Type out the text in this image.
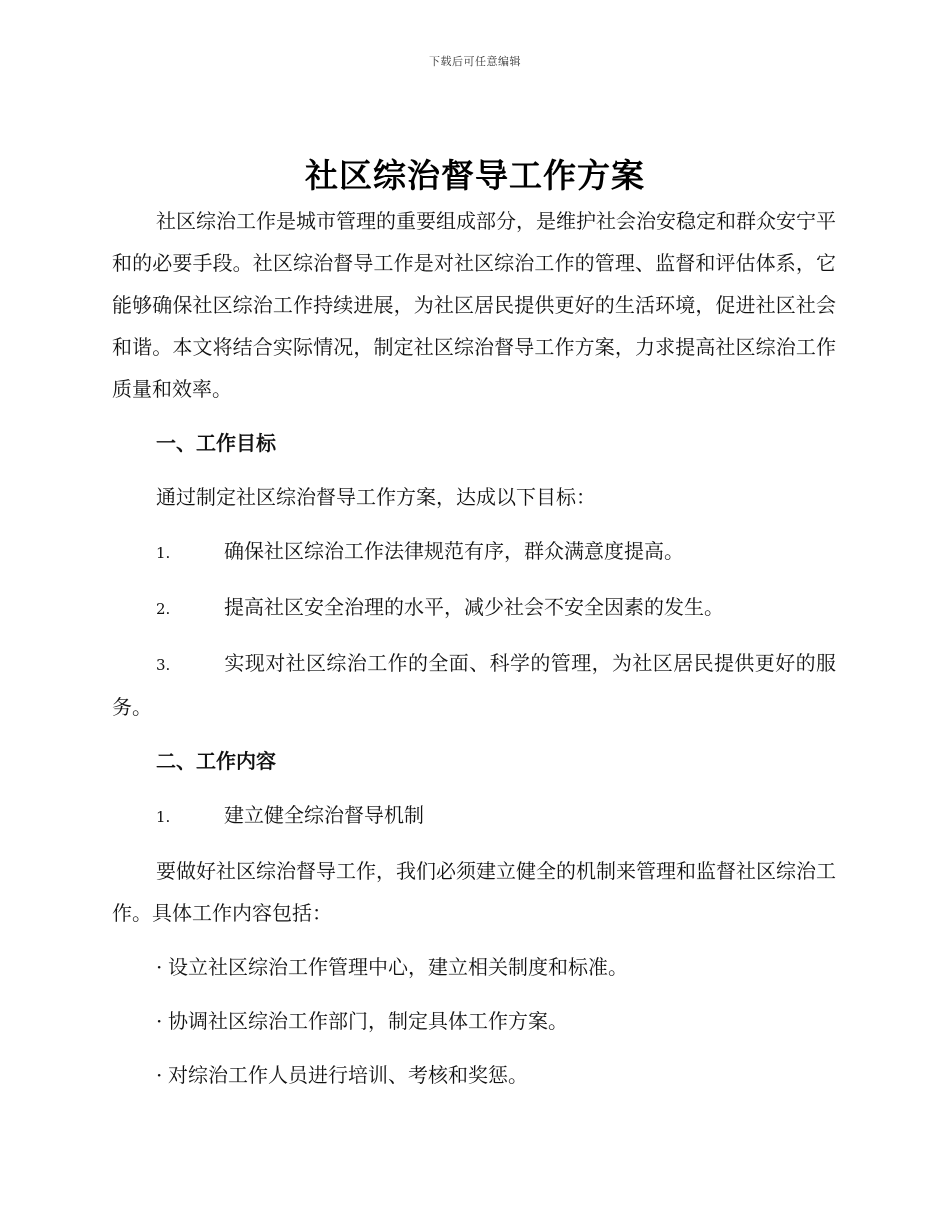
下载后可任意编辑
社区综治督导工作方案

社区综治工作是城市管理的重要组成部分，是维护社会治安稳定和群众安宁平和的必要手段。社区综治督导工作是对社区综治工作的管理、监督和评估体系，它能够确保社区综治工作持续进展，为社区居民提供更好的生活环境，促进社区社会和谐。本文将结合实际情况，制定社区综治督导工作方案，力求提高社区综治工作质量和效率。

一、工作目标

通过制定社区综治督导工作方案，达成以下目标：

1.	确保社区综治工作法律规范有序，群众满意度提高。

2.	提高社区安全治理的水平，减少社会不安全因素的发生。

3.	实现对社区综治工作的全面、科学的管理，为社区居民提供更好的服务。

二、工作内容

1.	建立健全综治督导机制

要做好社区综治督导工作，我们必须建立健全的机制来管理和监督社区综治工作。具体工作内容包括：

· 设立社区综治工作管理中心，建立相关制度和标准。

· 协调社区综治工作部门，制定具体工作方案。

· 对综治工作人员进行培训、考核和奖惩。
